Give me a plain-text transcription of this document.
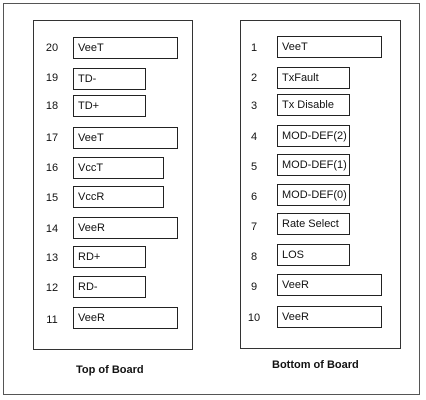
20	VeeT
19	TD-
18	TD+
17	VeeT
16	VccT
15	VccR
14	VeeR
13	RD+
12	RD-
11	VeeR
1	VeeT
2	TxFault
3	Tx Disable
4	MOD-DEF(2)
5	MOD-DEF(1)
6	MOD-DEF(0)
7	Rate Select
8	LOS
9	VeeR
10	VeeR
Top of Board	Bottom of Board
